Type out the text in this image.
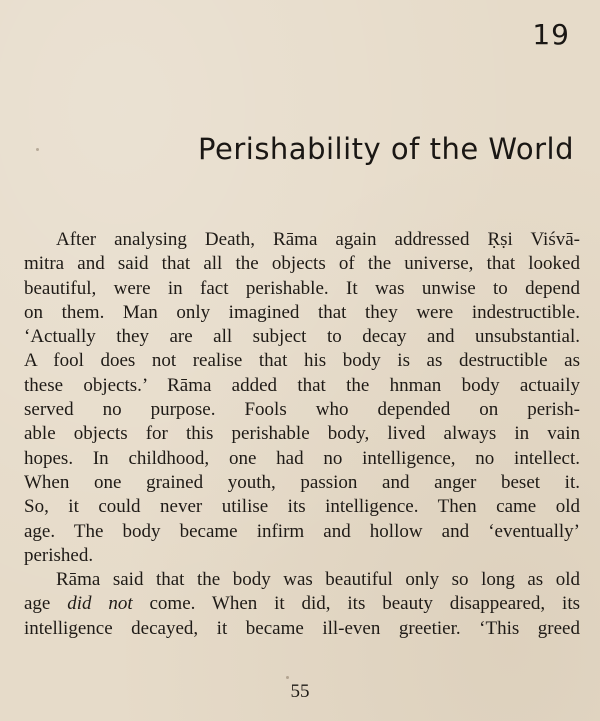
19
Perishability of the World

After analysing Death, Rāma again addressed Ṛṣi Viśvā-
mitra and said that all the objects of the universe, that looked
beautiful, were in fact perishable. It was unwise to depend
on them. Man only imagined that they were indestructible.
‘Actually they are all subject to decay and unsubstantial.
A fool does not realise that his body is as destructible as
these objects.’ Rāma added that the hnman body actuaily
served no purpose. Fools who depended on perish-
able objects for this perishable body, lived always in vain
hopes. In childhood, one had no intelligence, no intellect.
When one grained youth, passion and anger beset it.
So, it could never utilise its intelligence. Then came old
age. The body became infirm and hollow and ‘eventually’
perished.

Rāma said that the body was beautiful only so long as old
age did not come. When it did, its beauty disappeared, its
intelligence decayed, it became ill-even greetier. ‘This greed

55
